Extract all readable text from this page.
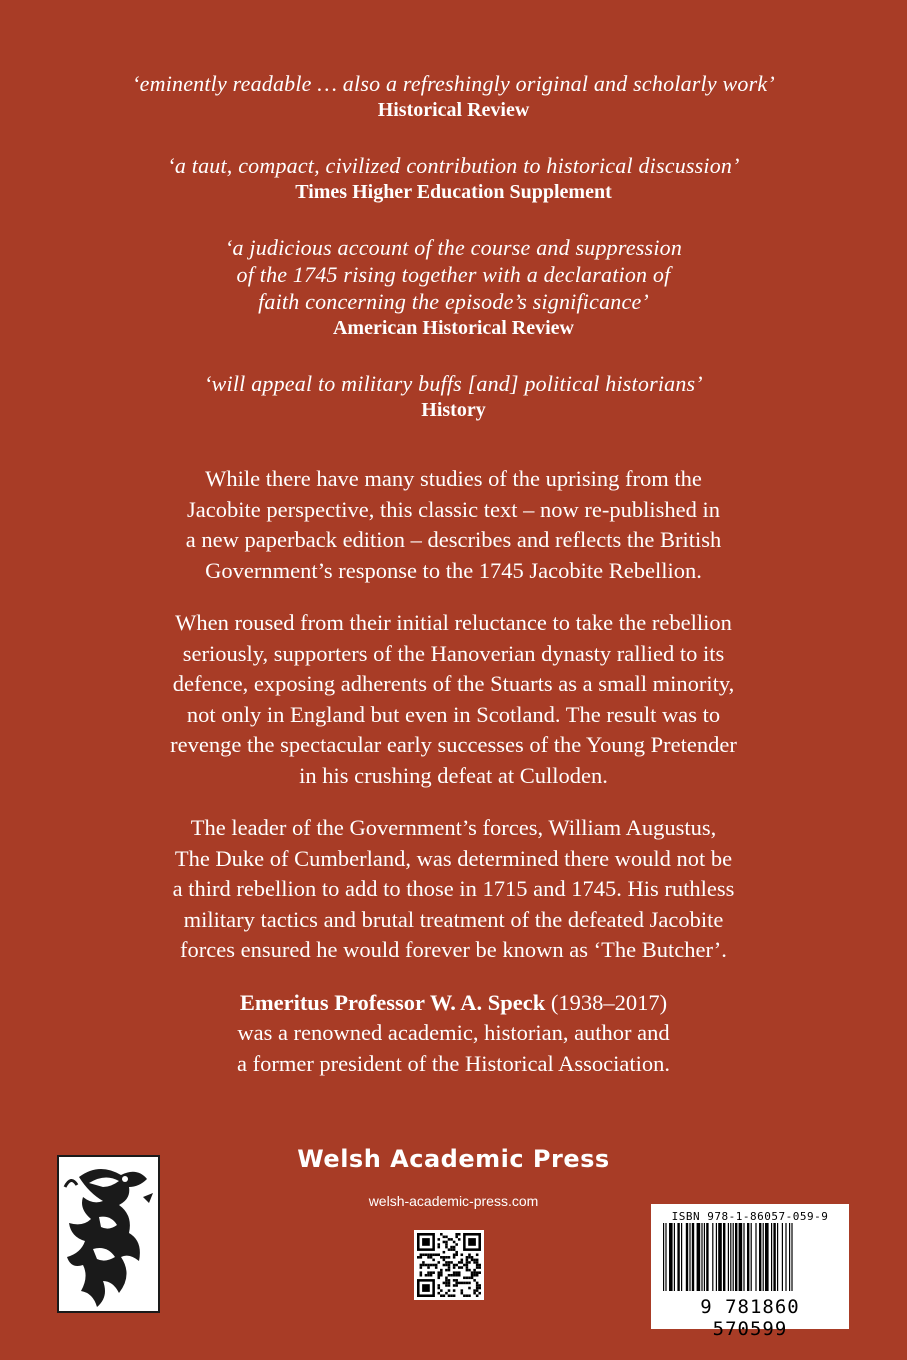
‘eminently readable … also a refreshingly original and scholarly work’
Historical Review
‘a taut, compact, civilized contribution to historical discussion’
Times Higher Education Supplement
‘a judicious account of the course and suppression
of the 1745 rising together with a declaration of
faith concerning the episode’s significance’
American Historical Review
‘will appeal to military buffs [and] political historians’
History
While there have many studies of the uprising from the
Jacobite perspective, this classic text – now re-published in
a new paperback edition – describes and reflects the British
Government’s response to the 1745 Jacobite Rebellion.
When roused from their initial reluctance to take the rebellion
seriously, supporters of the Hanoverian dynasty rallied to its
defence, exposing adherents of the Stuarts as a small minority,
not only in England but even in Scotland. The result was to
revenge the spectacular early successes of the Young Pretender
in his crushing defeat at Culloden.
The leader of the Government’s forces, William Augustus,
The Duke of Cumberland, was determined there would not be
a third rebellion to add to those in 1715 and 1745. His ruthless
military tactics and brutal treatment of the defeated Jacobite
forces ensured he would forever be known as ‘The Butcher’.
Emeritus Professor W. A. Speck (1938–2017)
was a renowned academic, historian, author and
a former president of the Historical Association.
Welsh Academic Press
welsh-academic-press.com
ISBN 978-1-86057-059-9
9 781860 570599
